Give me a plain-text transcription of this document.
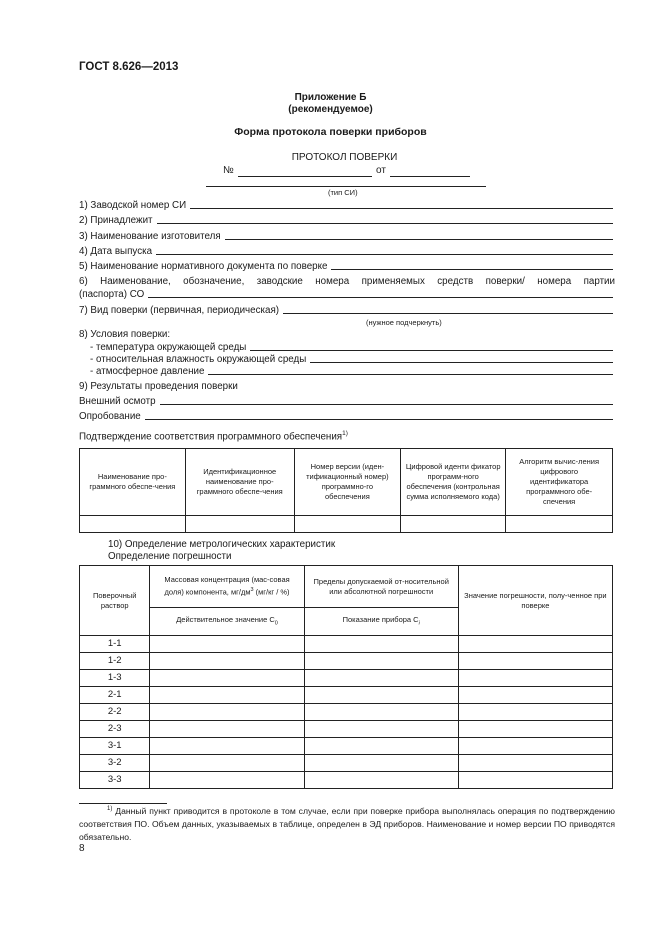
ГОСТ 8.626—2013
Приложение Б
(рекомендуемое)
Форма протокола поверки приборов
ПРОТОКОЛ ПОВЕРКИ
№	от
(тип СИ)
1) Заводской номер СИ
2) Принадлежит
3) Наименование изготовителя
4) Дата выпуска
5) Наименование нормативного документа по поверке
6) Наименование, обозначение, заводские номера применяемых средств поверки/ номера партии
(паспорта) СО
7) Вид поверки (первичная, периодическая)
(нужное подчеркнуть)
8) Условия поверки:
- температура окружающей среды
- относительная влажность окружающей среды
- атмосферное давление
9) Результаты проведения поверки
Внешний осмотр
Опробование
Подтверждение соответствия программного обеспечения$^{1)}$
Наименование про-граммного обеспе-чения	Идентификационное наименование про-граммного обеспе-чения	Номер версии (иден-тификационный номер) программно-го обеспечения	Цифровой иденти фикатор программ-ного обеспечения (контрольная сумма исполняемого кода)	Алгоритм вычис-ления цифрового идентификатора программного обе-спечения

10) Определение метрологических характеристик
Определение погрешности
Поверочный раствор	Массовая концентрация (мас-совая доля) компонента, $мг/дм^3$ (мг/кг / %)	Пределы допускаемой от-носительной или абсолютной погрешности	Значение погрешности, полу-ченное при поверке
	Действительное значение $С_0$	Показание прибора $С_i$
1-1			
1-2			
1-3			
2-1			
2-2			
2-3			
3-1			
3-2			
3-3			
$^{1)}$ Данный пункт приводится в протоколе в том случае, если при поверке прибора выполнялась операция по подтверждению соответствия ПО. Объем данных, указываемых в таблице, определен в ЭД приборов. Наименование и номер версии ПО приводятся обязательно.
8
